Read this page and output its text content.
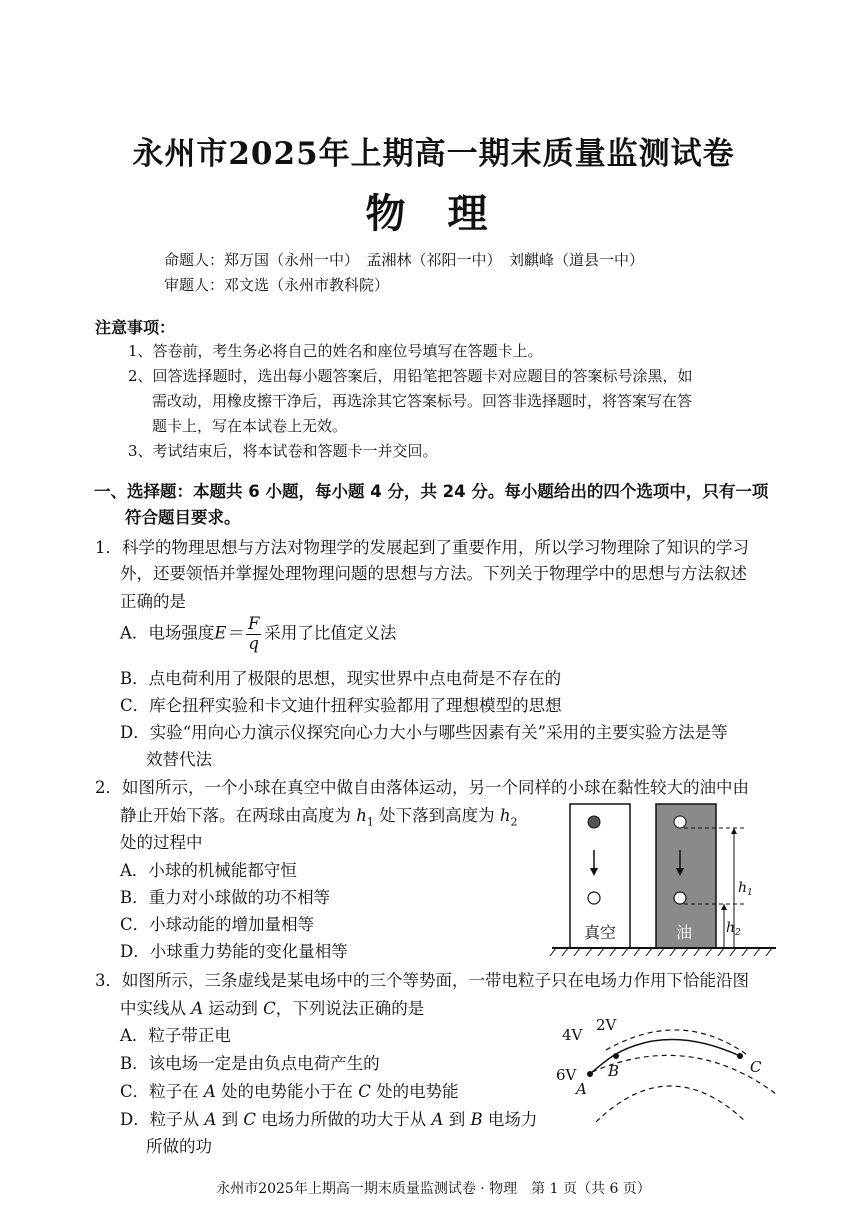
永州市2025年上期高一期末质量监测试卷
物 理
命题人：郑万国（永州一中）　孟湘林（祁阳一中）　刘麒峰（道县一中）
审题人：邓文选（永州市教科院）
注意事项：
1、答卷前，考生务必将自己的姓名和座位号填写在答题卡上。
2、回答选择题时，选出每小题答案后，用铅笔把答题卡对应题目的答案标号涂黑，如
需改动，用橡皮擦干净后，再选涂其它答案标号。回答非选择题时，将答案写在答
题卡上，写在本试卷上无效。
3、考试结束后，将本试卷和答题卡一并交回。
一、选择题：本题共 6 小题，每小题 4 分，共 24 分。每小题给出的四个选项中，只有一项
符合题目要求。
1．科学的物理思想与方法对物理学的发展起到了重要作用，所以学习物理除了知识的学习
外，还要领悟并掌握处理物理问题的思想与方法。下列关于物理学中的思想与方法叙述
正确的是
A．电场强度$E= \frac{F}{q}$ 采用了比值定义法
B．点电荷利用了极限的思想，现实世界中点电荷是不存在的
C．库仑扭秤实验和卡文迪什扭秤实验都用了理想模型的思想
D．实验“用向心力演示仪探究向心力大小与哪些因素有关”采用的主要实验方法是等
效替代法
2．如图所示，一个小球在真空中做自由落体运动，另一个同样的小球在黏性较大的油中由
静止开始下落。在两球由高度为 $h_1$ 处下落到高度为 $h_2$
处的过程中
A．小球的机械能都守恒
B．重力对小球做的功不相等
C．小球动能的增加量相等
D．小球重力势能的变化量相等
真空	油
$h_1$
$h_2$
3．如图所示，三条虚线是某电场中的三个等势面，一带电粒子只在电场力作用下恰能沿图
中实线从 A 运动到 C，下列说法正确的是
A．粒子带正电
B．该电场一定是由负点电荷产生的
C．粒子在 A 处的电势能小于在 C 处的电势能
D．粒子从 A 到 C 电场力所做的功大于从 A 到 B 电场力
所做的功
4V
2V
6V
A
B	C
永州市2025年上期高一期末质量监测试卷 · 物理　第 1 页（共 6 页）
